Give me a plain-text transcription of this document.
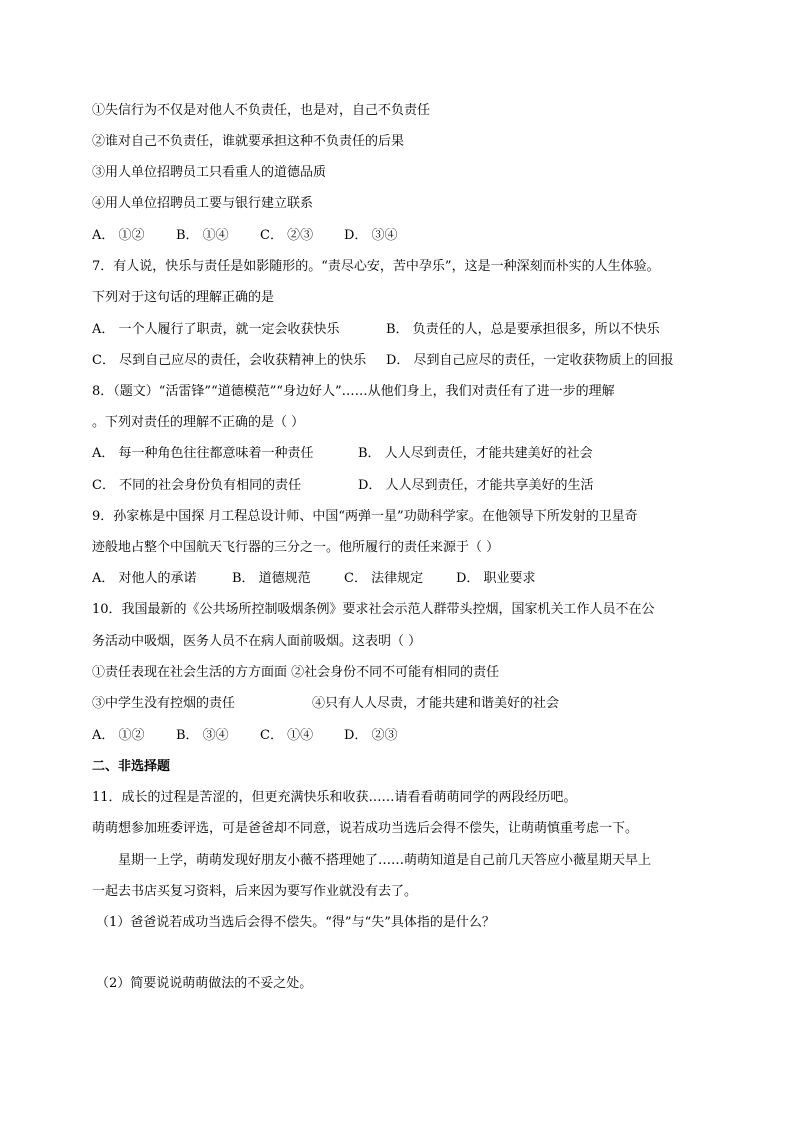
①失信行为不仅是对他人不负责任，也是对，自己不负责任
②谁对自己不负责任，谁就要承担这种不负责任的后果
③用人单位招聘员工只看重人的道德品质
④用人单位招聘员工要与银行建立联系
A． ①②	B． ①④	C． ②③	D． ③④
7．有人说，快乐与责任是如影随形的。“责尽心安，苦中孕乐”，这是一种深刻而朴实的人生体验。
下列对于这句话的理解正确的是
A． 一个人履行了职责，就一定会收获快乐	B． 负责任的人，总是要承担很多，所以不快乐
C． 尽到自己应尽的责任，会收获精神上的快乐	D． 尽到自己应尽的责任，一定收获物质上的回报
8．（题文）“活雷锋”“道德模范”“身边好人”……从他们身上，我们对责任有了进一步的理解
。下列对责任的理解不正确的是（ ）
A． 每一种角色往往都意味着一种责任	B． 人人尽到责任，才能共建美好的社会
C． 不同的社会身份负有相同的责任	D． 人人尽到责任，才能共享美好的生活
9．孙家栋是中国探 月工程总设计师、中国“两弹一星”功勋科学家。在他领导下所发射的卫星奇
迹般地占整个中国航天飞行器的三分之一。他所履行的责任来源于（ ）
A． 对他人的承诺	B． 道德规范	C． 法律规定	D． 职业要求
10．我国最新的《公共场所控制吸烟条例》要求社会示范人群带头控烟，国家机关工作人员不在公
务活动中吸烟，医务人员不在病人面前吸烟。这表明（ ）
①责任表现在社会生活的方方面面 ②社会身份不同不可能有相同的责任
③中学生没有控烟的责任	④只有人人尽责，才能共建和谐美好的社会
A． ①②	B． ③④	C． ①④	D． ②③
二、非选择题
11．成长的过程是苦涩的，但更充满快乐和收获……请看看萌萌同学的两段经历吧。
萌萌想参加班委评选，可是爸爸却不同意，说若成功当选后会得不偿失，让萌萌慎重考虑一下。
星期一上学，萌萌发现好朋友小薇不搭理她了……萌萌知道是自己前几天答应小薇星期天早上
一起去书店买复习资料，后来因为要写作业就没有去了。
（1）爸爸说若成功当选后会得不偿失。“得”与“失”具体指的是什么？
（2）简要说说萌萌做法的不妥之处。
